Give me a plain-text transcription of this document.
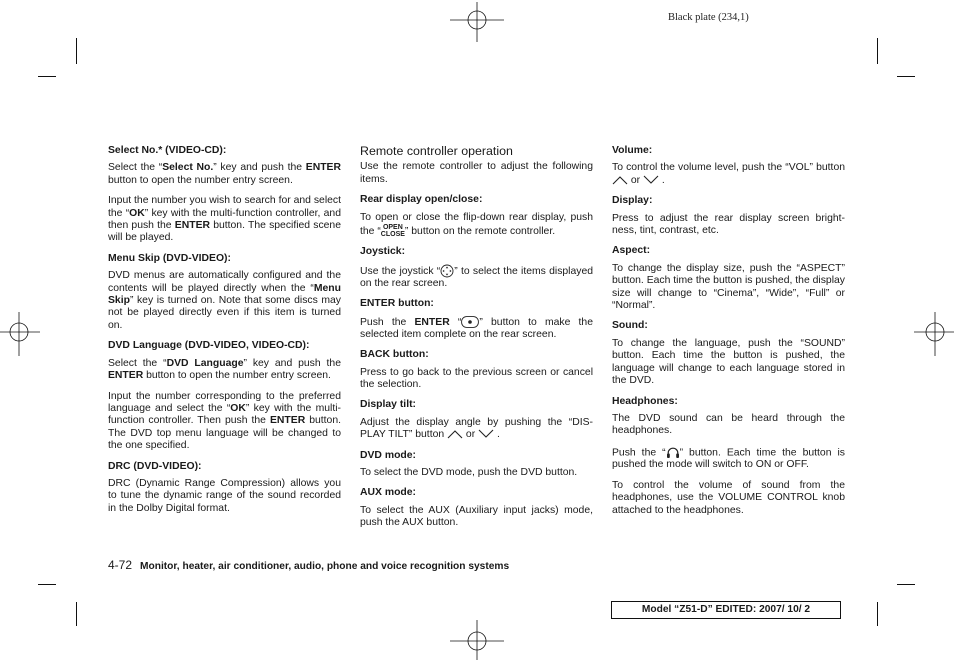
Black plate (234,1)
Select No.* (VIDEO-CD):
Select the “Select No.” key and push the ENTER button to open the number entry screen.
Input the number you wish to search for and select the “OK” key with the multi-function controller, and then push the ENTER button. The specified scene will be played.
Menu Skip (DVD-VIDEO):
DVD menus are automatically configured and the contents will be played directly when the “Menu Skip” key is turned on. Note that some discs may not be played directly even if this item is turned on.
DVD Language (DVD-VIDEO, VIDEO-CD):
Select the “DVD Language” key and push the ENTER button to open the number entry screen.
Input the number corresponding to the preferred language and select the “OK” key with the multi-function controller. Then push the ENTER button. The DVD top menu language will be changed to the one specified.
DRC (DVD-VIDEO):
DRC (Dynamic Range Compression) allows you to tune the dynamic range of the sound recorded in the Dolby Digital format.
Remote controller operation
Use the remote controller to adjust the following items.
Rear display open/close:
To open or close the flip-down rear display, push the “ OPEN
CLOSE” button on the remote controller.
Joystick:
Use the joystick “ ” to select the items displayed on the rear screen.
ENTER button:
Push the ENTER “ ” button to make the selected item complete on the rear screen.
BACK button:
Press to go back to the previous screen or cancel the selection.
Display tilt:
Adjust the display angle by pushing the “DIS-PLAY TILT” button or .
DVD mode:
To select the DVD mode, push the DVD button.
AUX mode:
To select the AUX (Auxiliary input jacks) mode, push the AUX button.
Volume:
To control the volume level, push the “VOL” button  or .
Display:
Press to adjust the rear display screen bright-ness, tint, contrast, etc.
Aspect:
To change the display size, push the “ASPECT” button. Each time the button is pushed, the display size will change to “Cinema”, “Wide”, “Full” or “Normal”.
Sound:
To change the language, push the “SOUND” button. Each time the button is pushed, the language will change to each language stored in the DVD.
Headphones:
The DVD sound can be heard through the headphones.
Push the “ ” button. Each time the button is pushed the mode will switch to ON or OFF.
To control the volume of sound from the headphones, use the VOLUME CONTROL knob attached to the headphones.
4-72 Monitor, heater, air conditioner, audio, phone and voice recognition systems
Model “Z51-D” EDITED: 2007/ 10/ 2
